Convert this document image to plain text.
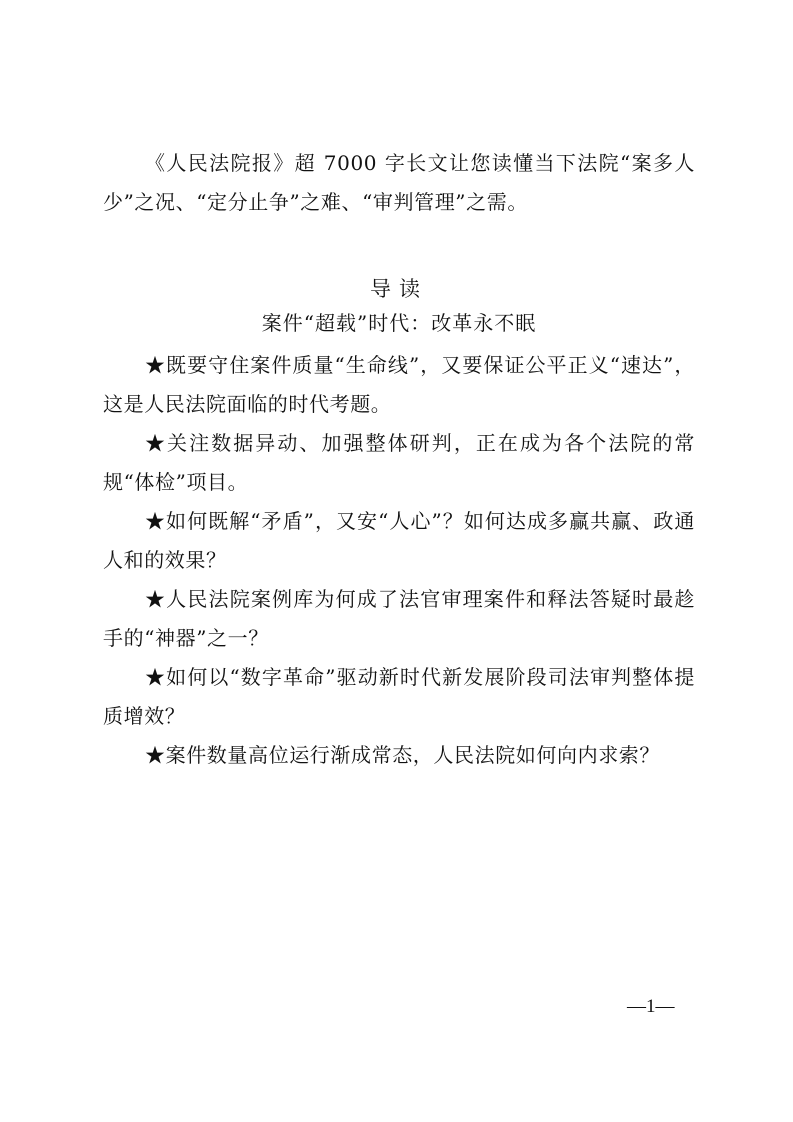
《人民法院报》超 7000 字长文让您读懂当下法院“案多人少”之况、“定分止争”之难、“审判管理”之需。

导读
案件“超载”时代：改革永不眠
★既要守住案件质量“生命线”，又要保证公平正义“速达”，这是人民法院面临的时代考题。
★关注数据异动、加强整体研判，正在成为各个法院的常规“体检”项目。
★如何既解“矛盾”，又安“人心”？如何达成多赢共赢、政通人和的效果？
★人民法院案例库为何成了法官审理案件和释法答疑时最趁手的“神器”之一？
★如何以“数字革命”驱动新时代新发展阶段司法审判整体提质增效？
★案件数量高位运行渐成常态，人民法院如何向内求索？
—1—
